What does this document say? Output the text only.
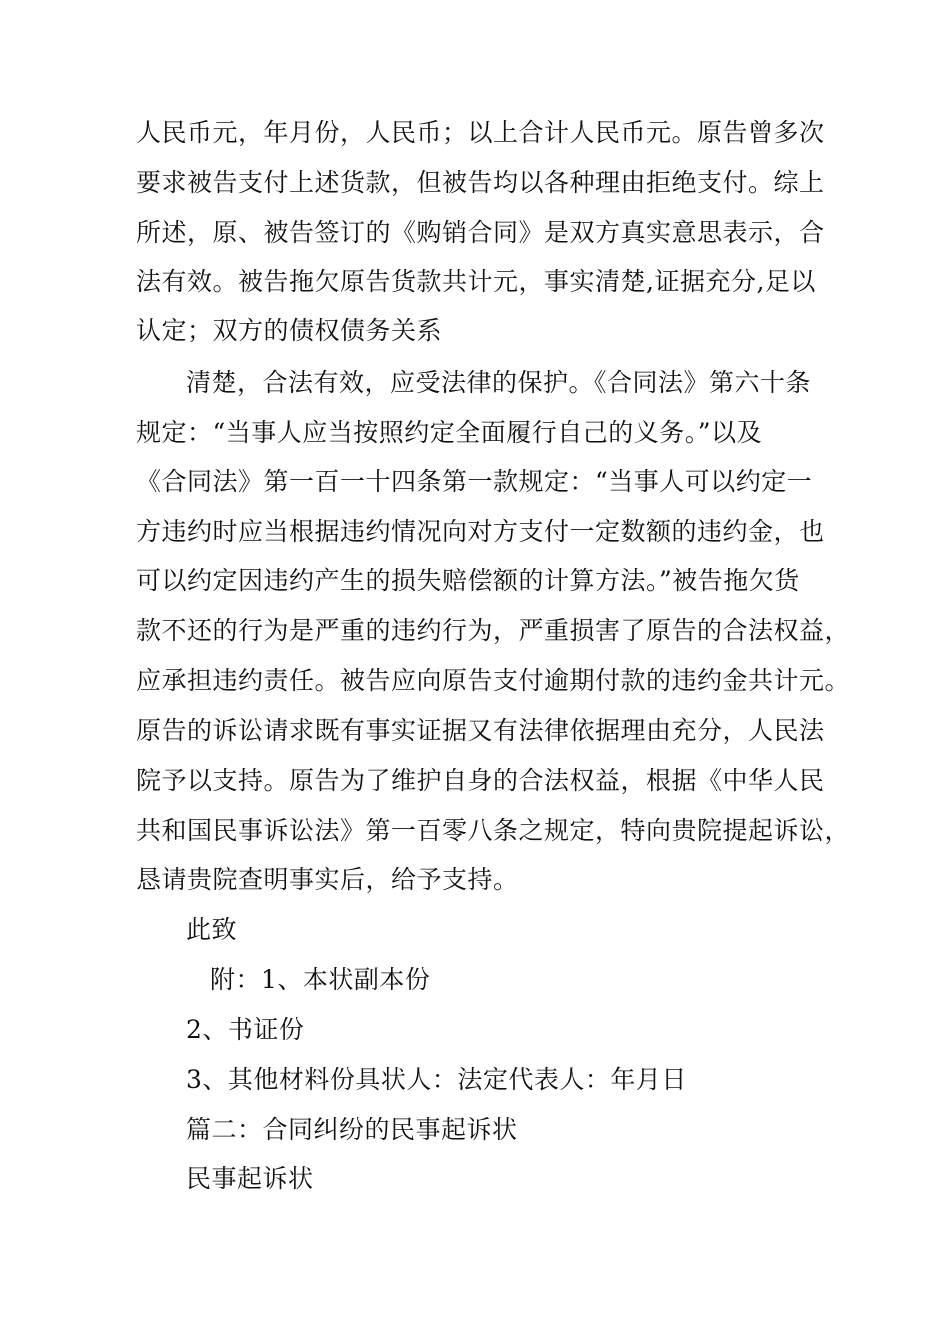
人民币元，年月份，人民币；以上合计人民币元。原告曾多次
要求被告支付上述货款，但被告均以各种理由拒绝支付。综上
所述，原、被告签订的《购销合同》是双方真实意思表示，合
法有效。被告拖欠原告货款共计元，事实清楚,证据充分,足以
认定；双方的债权债务关系
清楚，合法有效，应受法律的保护。《合同法》第六十条
规定：“当事人应当按照约定全面履行自己的义务。”以及
《合同法》第一百一十四条第一款规定：“当事人可以约定一
方违约时应当根据违约情况向对方支付一定数额的违约金，也
可以约定因违约产生的损失赔偿额的计算方法。”被告拖欠货
款不还的行为是严重的违约行为，严重损害了原告的合法权益，
应承担违约责任。被告应向原告支付逾期付款的违约金共计元。
原告的诉讼请求既有事实证据又有法律依据理由充分，人民法
院予以支持。原告为了维护自身的合法权益，根据《中华人民
共和国民事诉讼法》第一百零八条之规定，特向贵院提起诉讼，
恳请贵院查明事实后，给予支持。
此致
附：1、本状副本份
2、书证份
3、其他材料份具状人：法定代表人：年月日
篇二：合同纠纷的民事起诉状
民事起诉状
